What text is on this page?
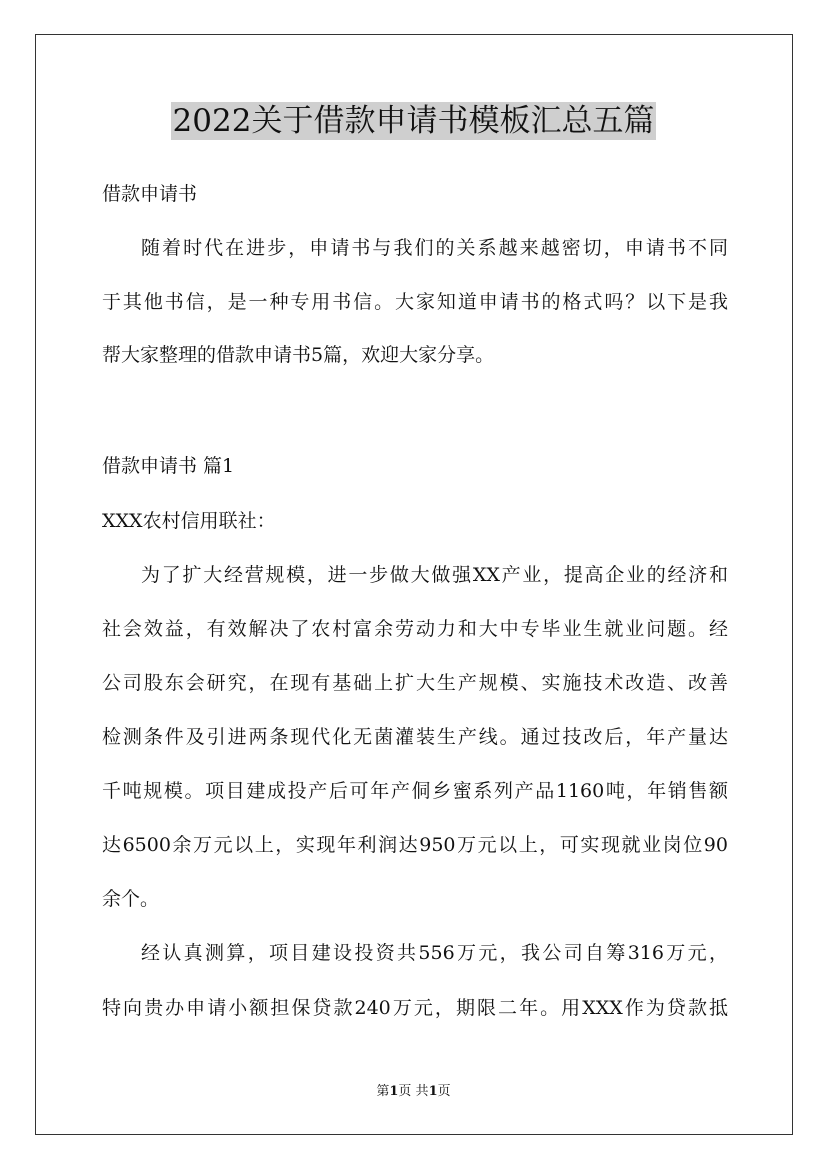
2022关于借款申请书模板汇总五篇
借款申请书
随着时代在进步，申请书与我们的关系越来越密切，申请书不同
于其他书信，是一种专用书信。大家知道申请书的格式吗？以下是我
帮大家整理的借款申请书5篇，欢迎大家分享。
借款申请书 篇1
XXX农村信用联社：
为了扩大经营规模，进一步做大做强XX产业，提高企业的经济和
社会效益，有效解决了农村富余劳动力和大中专毕业生就业问题。经
公司股东会研究，在现有基础上扩大生产规模、实施技术改造、改善
检测条件及引进两条现代化无菌灌装生产线。通过技改后，年产量达
千吨规模。项目建成投产后可年产侗乡蜜系列产品1160吨，年销售额
达6500余万元以上，实现年利润达950万元以上，可实现就业岗位90
余个。
经认真测算，项目建设投资共556万元，我公司自筹316万元，
特向贵办申请小额担保贷款240万元，期限二年。用XXX作为贷款抵
第1页 共1页
